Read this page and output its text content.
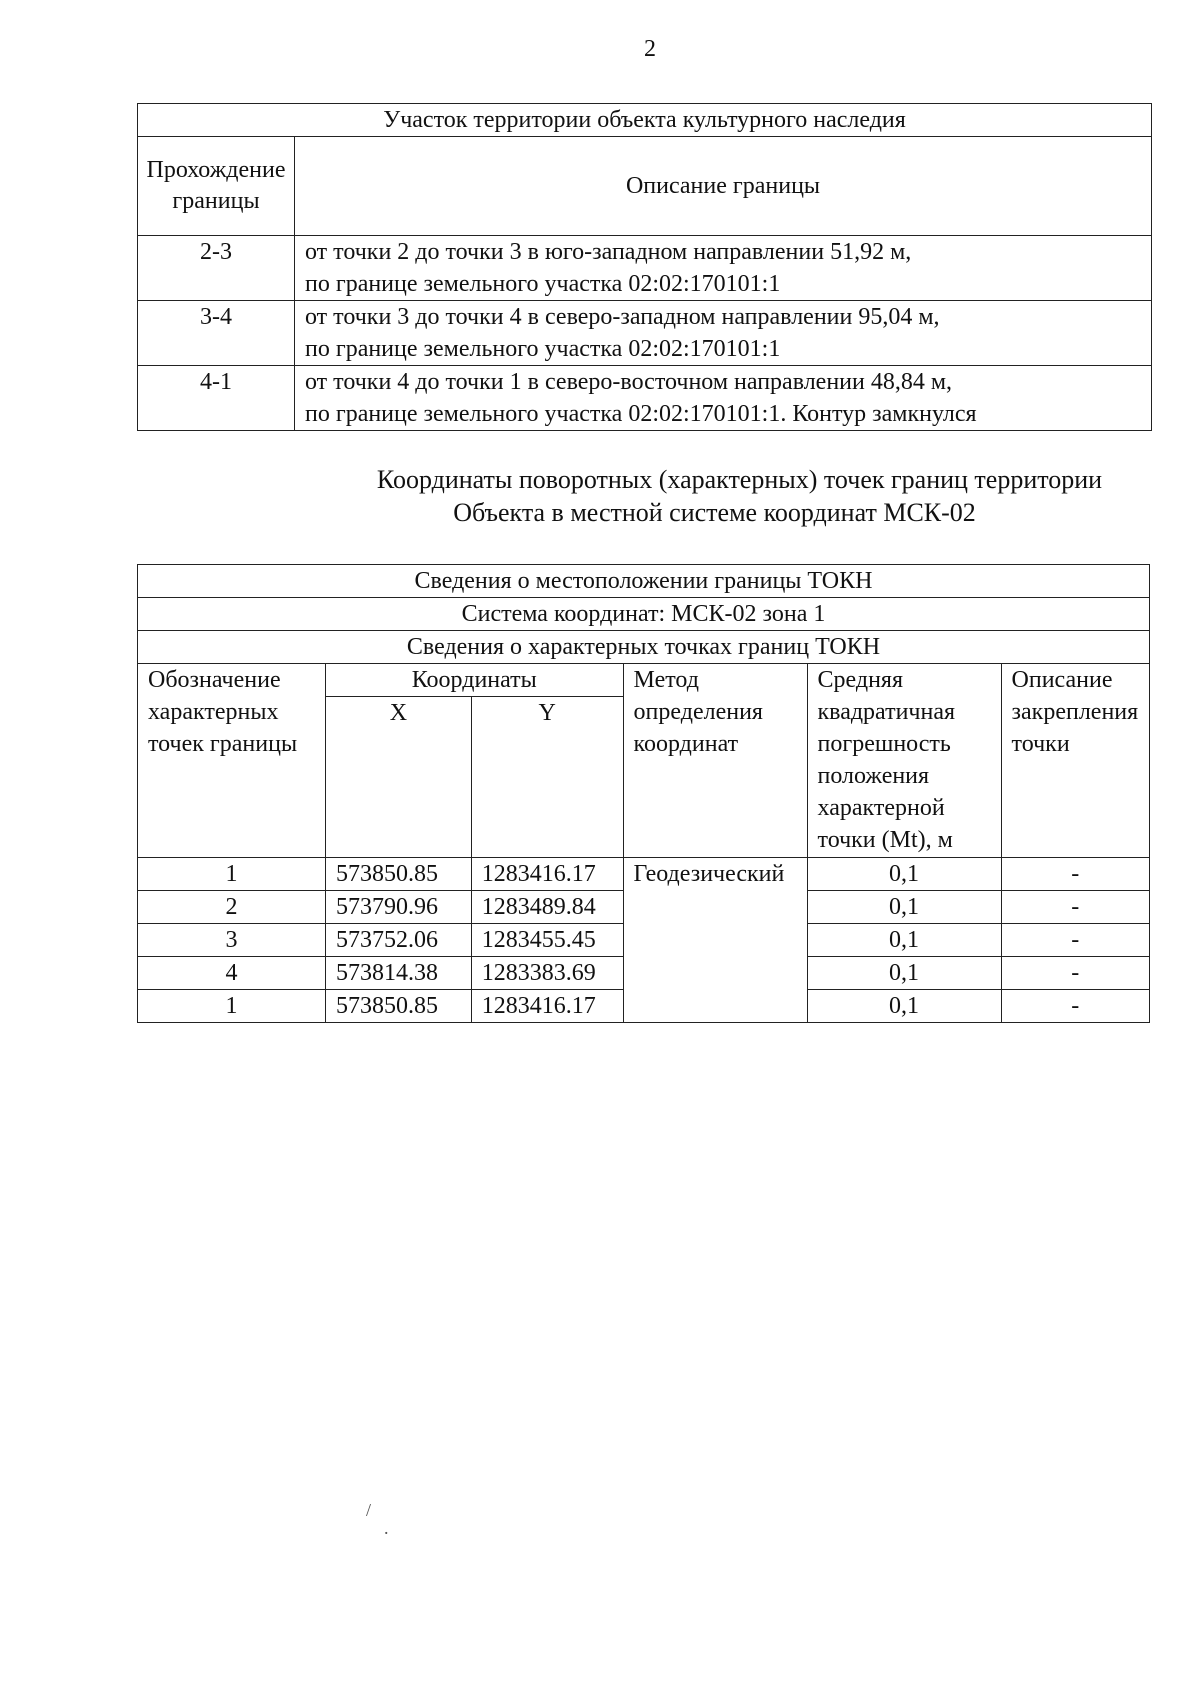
2
Участок территории объекта культурного наследия	
Прохождение границы	Описание границы
2-3	от точки 2 до точки 3 в юго-западном направлении 51,92 м,
по границе земельного участка 02:02:170101:1

3-4	от точки 3 до точки 4 в северо-западном направлении 95,04 м,
по границе земельного участка 02:02:170101:1

4-1	от точки 4 до точки 1 в северо-восточном направлении 48,84 м,
по границе земельного участка 02:02:170101:1. Контур замкнулся
Координаты поворотных (характерных) точек границ территории
Объекта в местной системе координат МСК-02
Сведения о местоположении границы ТОКН					
Система координат: МСК-02 зона 1					
Сведения о характерных точках границ ТОКН					
Обозначение характерных точек границы	Координаты		Метод определения координат	Средняя квадратичная погрешность положения характерной точки (Mt), м	Описание закрепления точки
	X	Y			
1	573850.85	1283416.17	Геодезический	0,1	-
2	573790.96	1283489.84		0,1	-
3	573752.06	1283455.45		0,1	-
4	573814.38	1283383.69		0,1	-
1	573850.85	1283416.17		0,1	-
/
.
